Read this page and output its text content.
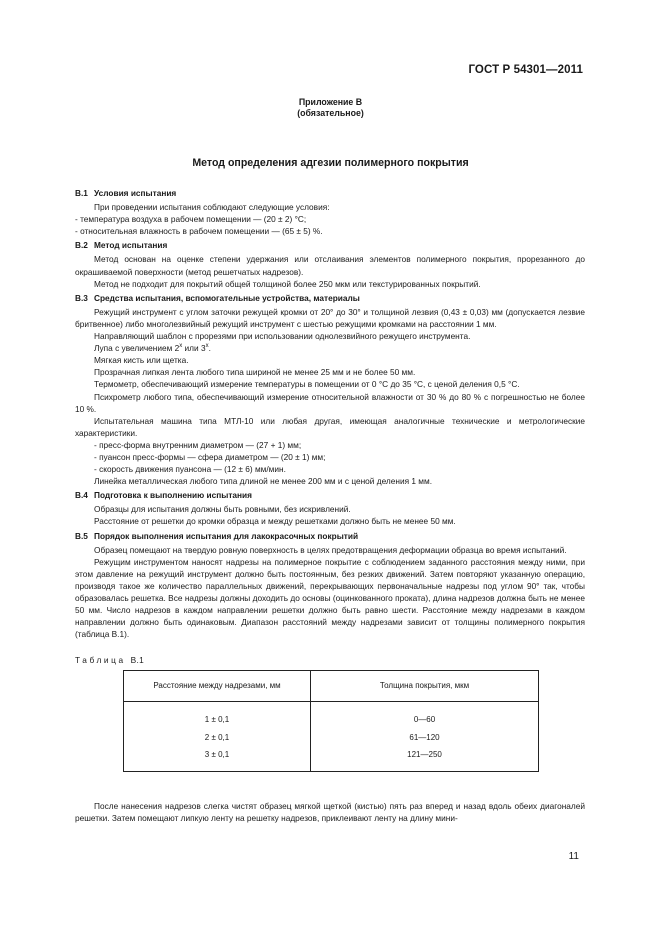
ГОСТ Р 54301—2011
Приложение В
(обязательное)
Метод определения адгезии полимерного покрытия

В.1 Условия испытания

При проведении испытания соблюдают следующие условия:

- температура воздуха в рабочем помещении — (20 ± 2) °С;

- относительная влажность в рабочем помещении — (65 ± 5) %.

В.2 Метод испытания

Метод основан на оценке степени удержания или отслаивания элементов полимерного покрытия, прорезанного до окрашиваемой поверхности (метод решетчатых надрезов).

Метод не подходит для покрытий общей толщиной более 250 мкм или текстурированных покрытий.

В.3 Средства испытания, вспомогательные устройства, материалы

Режущий инструмент с углом заточки режущей кромки от 20° до 30° и толщиной лезвия (0,43 ± 0,03) мм (допускается лезвие бритвенное) либо многолезвийный режущий инструмент с шестью режущими кромками на расстоянии 1 мм.

Направляющий шаблон с прорезями при использовании однолезвийного режущего инструмента.

Лупа с увеличением $2^х$ или $3^х$.

Мягкая кисть или щетка.

Прозрачная липкая лента любого типа шириной не менее 25 мм и не более 50 мм.

Термометр, обеспечивающий измерение температуры в помещении от 0 °С до 35 °С, с ценой деления 0,5 °С.

Психрометр любого типа, обеспечивающий измерение относительной влажности от 30 % до 80 % с погрешностью не более 10 %.

Испытательная машина типа МТЛ-10 или любая другая, имеющая аналогичные технические и метрологические характеристики.

- пресс-форма внутренним диаметром — (27 + 1) мм;

- пуансон пресс-формы — сфера диаметром — (20 ± 1) мм;

- скорость движения пуансона — (12 ± 6) мм/мин.

Линейка металлическая любого типа длиной не менее 200 мм и с ценой деления 1 мм.

В.4 Подготовка к выполнению испытания

Образцы для испытания должны быть ровными, без искривлений.

Расстояние от решетки до кромки образца и между решетками должно быть не менее 50 мм.

В.5 Порядок выполнения испытания для лакокрасочных покрытий

Образец помещают на твердую ровную поверхность в целях предотвращения деформации образца во время испытаний.

Режущим инструментом наносят надрезы на полимерное покрытие с соблюдением заданного расстояния между ними, при этом давление на режущий инструмент должно быть постоянным, без резких движений. Затем повторяют указанную операцию, производя такое же количество параллельных движений, перекрывающих первоначальные надрезы под углом 90° так, чтобы образовалась решетка. Все надрезы должны доходить до основы (оцинкованного проката), длина надрезов должна быть не менее 50 мм. Число надрезов в каждом направлении решетки должно быть равно шести. Расстояние между надрезами в каждом направлении должно быть одинаковым. Диапазон расстояний между надрезами зависит от толщины полимерного покрытия (таблица В.1).

Таблица В.1

Расстояние между надрезами, мм	Толщина покрытия, мкм
1 ± 0,1	0—60
2 ± 0,1	61—120
3 ± 0,1	121—250

После нанесения надрезов слегка чистят образец мягкой щеткой (кистью) пять раз вперед и назад вдоль обеих диагоналей решетки. Затем помещают липкую ленту на решетку надрезов, приклеивают ленту на длину мини-

11
